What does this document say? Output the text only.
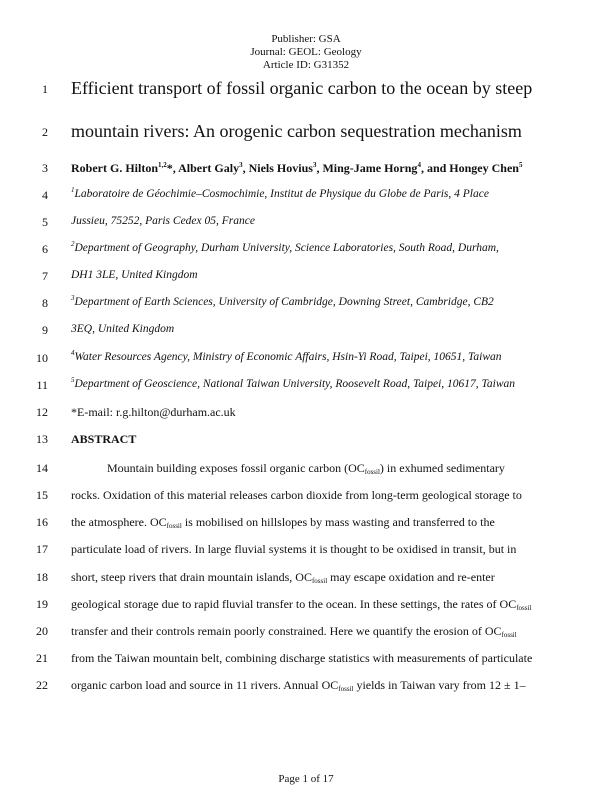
Publisher: GSA
Journal: GEOL: Geology
Article ID: G31352
1 Efficient transport of fossil organic carbon to the ocean by steep
2 mountain rivers: An orogenic carbon sequestration mechanism
3 Robert G. Hilton$^{1,2}$*, Albert Galy$^3$, Niels Hovius$^3$, Ming-Jame Horng$^4$, and Hongey Chen$^5$
4	$^1$Laboratoire de Géochimie–Cosmochimie, Institut de Physique du Globe de Paris, 4 Place
5 Jussieu, 75252, Paris Cedex 05, France
6	$^2$Department of Geography, Durham University, Science Laboratories, South Road, Durham,
7 DH1 3LE, United Kingdom
8	$^3$Department of Earth Sciences, University of Cambridge, Downing Street, Cambridge, CB2
9 3EQ, United Kingdom
10	$^4$Water Resources Agency, Ministry of Economic Affairs, Hsin-Yi Road, Taipei, 10651, Taiwan
11	$^5$Department of Geoscience, National Taiwan University, Roosevelt Road, Taipei, 10617, Taiwan
12 *E-mail: r.g.hilton@durham.ac.uk
13 ABSTRACT
14	Mountain building exposes fossil organic carbon $(OC_{fossil})$ in exhumed sedimentary
15 rocks. Oxidation of this material releases carbon dioxide from long-term geological storage to
16 the atmosphere. $OC_{fossil}$ is mobilised on hillslopes by mass wasting and transferred to the
17 particulate load of rivers. In large fluvial systems it is thought to be oxidised in transit, but in
18 short, steep rivers that drain mountain islands, $OC_{fossil}$ may escape oxidation and re-enter
19 geological storage due to rapid fluvial transfer to the ocean. In these settings, the rates of $OC_{fossil}$
20 transfer and their controls remain poorly constrained. Here we quantify the erosion of $OC_{fossil}$
21 from the Taiwan mountain belt, combining discharge statistics with measurements of particulate
22 organic carbon load and source in 11 rivers. Annual $OC_{fossil}$ yields in Taiwan vary from 12 ± 1–
Page 1 of 17
